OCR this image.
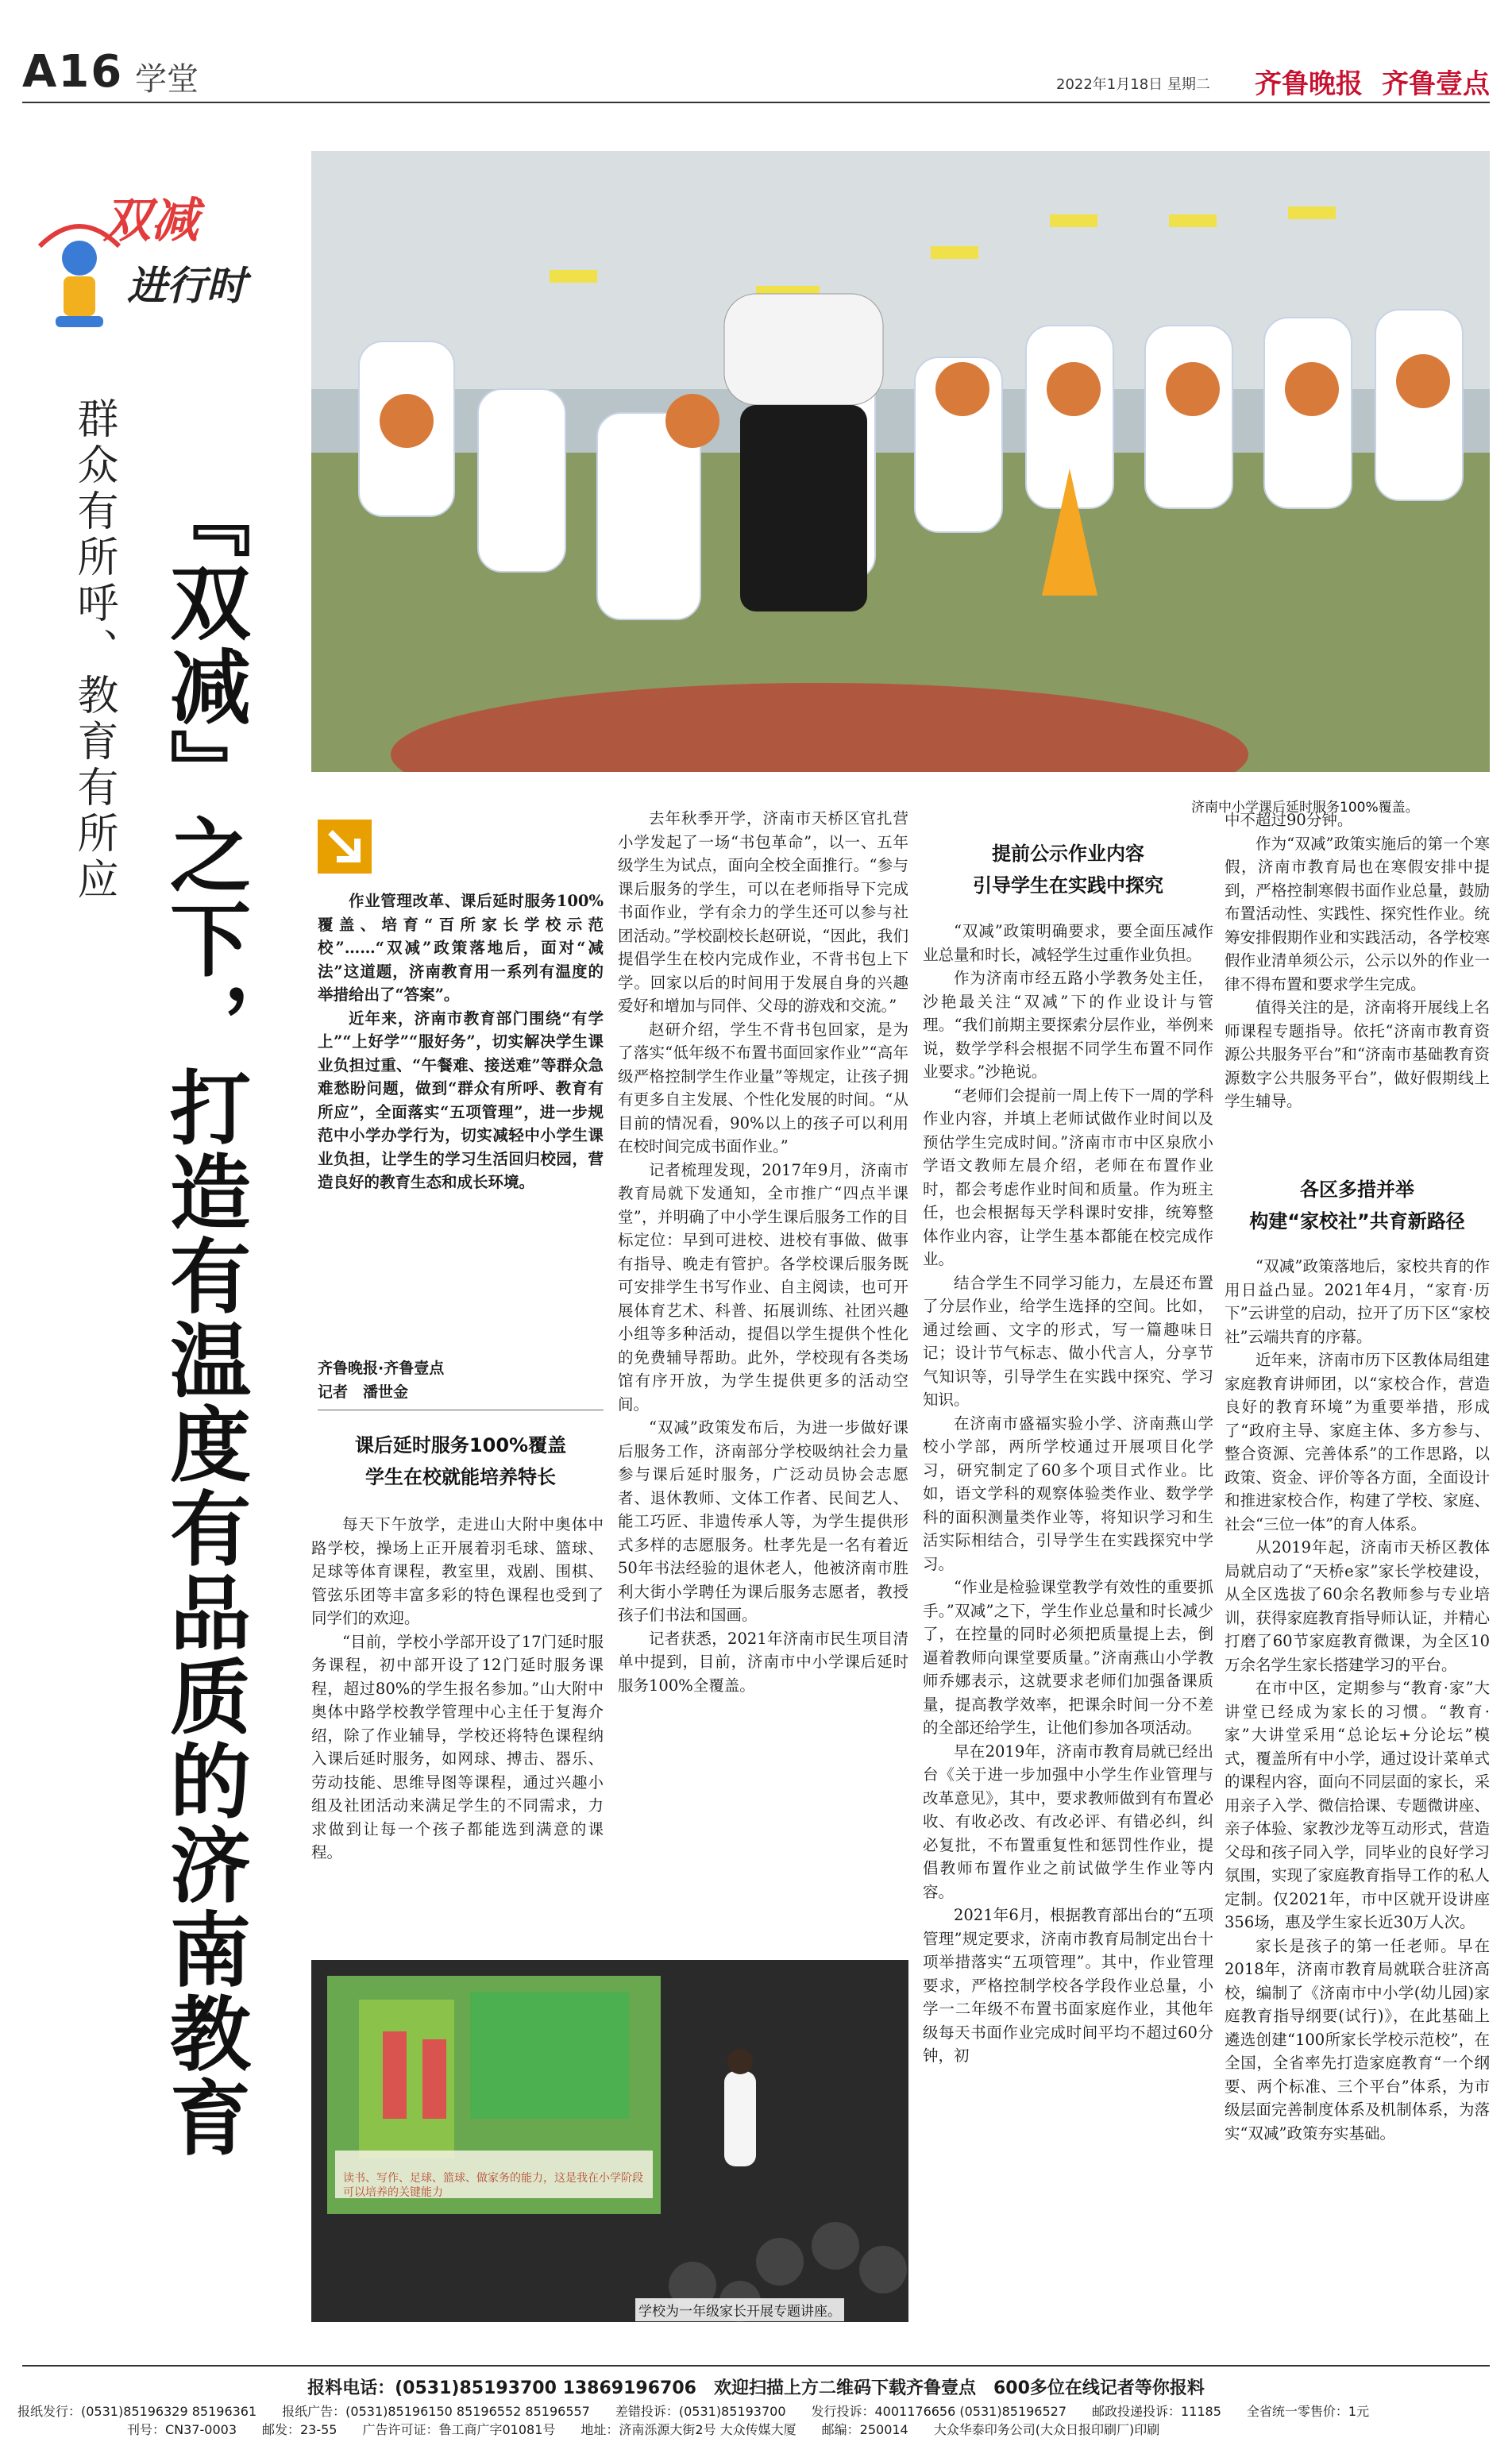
A16 学堂	2022年1月18日 星期二 齐鲁晚报 齐鲁壹点
双减
进行时
群众有所呼、教育有所应 『双减』之下，打造有温度有品质的济南教育	济南中小学课后延时服务100%覆盖。

作业管理改革、课后延时服务100%覆盖、培育“百所家长学校示范校”……“双减”政策落地后，面对“减法”这道题，济南教育用一系列有温度的举措给出了“答案”。

近年来，济南市教育部门围绕“有学上”“上好学”“服好务”，切实解决学生课业负担过重、“午餐难、接送难”等群众急难愁盼问题，做到“群众有所呼、教育有所应”，全面落实“五项管理”，进一步规范中小学办学行为，切实减轻中小学生课业负担，让学生的学习生活回归校园，营造良好的教育生态和成长环境。

齐鲁晚报·齐鲁壹点
记者　潘世金
课后延时服务100%覆盖
学生在校就能培养特长

每天下午放学，走进山大附中奥体中路学校，操场上正开展着羽毛球、篮球、足球等体育课程，教室里，戏剧、围棋、管弦乐团等丰富多彩的特色课程也受到了同学们的欢迎。

“目前，学校小学部开设了17门延时服务课程，初中部开设了12门延时服务课程，超过80%的学生报名参加。”山大附中奥体中路学校教学管理中心主任于复海介绍，除了作业辅导，学校还将特色课程纳入课后延时服务，如网球、搏击、器乐、劳动技能、思维导图等课程，通过兴趣小组及社团活动来满足学生的不同需求，力求做到让每一个孩子都能选到满意的课程。

去年秋季开学，济南市天桥区官扎营小学发起了一场“书包革命”，以一、五年级学生为试点，面向全校全面推行。“参与课后服务的学生，可以在老师指导下完成书面作业，学有余力的学生还可以参与社团活动。”学校副校长赵研说，“因此，我们提倡学生在校内完成作业，不背书包上下学。回家以后的时间用于发展自身的兴趣爱好和增加与同伴、父母的游戏和交流。”

赵研介绍，学生不背书包回家，是为了落实“低年级不布置书面回家作业”“高年级严格控制学生作业量”等规定，让孩子拥有更多自主发展、个性化发展的时间。“从目前的情况看，90%以上的孩子可以利用在校时间完成书面作业。”

记者梳理发现，2017年9月，济南市教育局就下发通知，全市推广“四点半课堂”，并明确了中小学生课后服务工作的目标定位：早到可进校、进校有事做、做事有指导、晚走有管护。各学校课后服务既可安排学生书写作业、自主阅读，也可开展体育艺术、科普、拓展训练、社团兴趣小组等多种活动，提倡以学生提供个性化的免费辅导帮助。此外，学校现有各类场馆有序开放，为学生提供更多的活动空间。

“双减”政策发布后，为进一步做好课后服务工作，济南部分学校吸纳社会力量参与课后延时服务，广泛动员协会志愿者、退休教师、文体工作者、民间艺人、能工巧匠、非遗传承人等，为学生提供形式多样的志愿服务。杜孝先是一名有着近50年书法经验的退休老人，他被济南市胜利大街小学聘任为课后服务志愿者，教授孩子们书法和国画。

记者获悉，2021年济南市民生项目清单中提到，目前，济南市中小学课后延时服务100%全覆盖。

读书、写作、足球、篮球、做家务的能力，这是我在小学阶段可以培养的关键能力
学校为一年级家长开展专题讲座。
提前公示作业内容
引导学生在实践中探究

“双减”政策明确要求，要全面压减作业总量和时长，减轻学生过重作业负担。

作为济南市经五路小学教务处主任，沙艳最关注“双减”下的作业设计与管理。“我们前期主要探索分层作业，举例来说，数学学科会根据不同学生布置不同作业要求。”沙艳说。

“老师们会提前一周上传下一周的学科作业内容，并填上老师试做作业时间以及预估学生完成时间。”济南市市中区泉欣小学语文教师左晨介绍，老师在布置作业时，都会考虑作业时间和质量。作为班主任，也会根据每天学科课时安排，统筹整体作业内容，让学生基本都能在校完成作业。

结合学生不同学习能力，左晨还布置了分层作业，给学生选择的空间。比如，通过绘画、文字的形式，写一篇趣味日记；设计节气标志、做小代言人，分享节气知识等，引导学生在实践中探究、学习知识。

在济南市盛福实验小学、济南燕山学校小学部，两所学校通过开展项目化学习，研究制定了60多个项目式作业。比如，语文学科的观察体验类作业、数学学科的面积测量类作业等，将知识学习和生活实际相结合，引导学生在实践探究中学习。

“作业是检验课堂教学有效性的重要抓手。”双减”之下，学生作业总量和时长减少了，在控量的同时必须把质量提上去，倒逼着教师向课堂要质量。”济南燕山小学教师乔娜表示，这就要求老师们加强备课质量，提高教学效率，把课余时间一分不差的全部还给学生，让他们参加各项活动。

早在2019年，济南市教育局就已经出台《关于进一步加强中小学生作业管理与改革意见》，其中，要求教师做到有布置必收、有收必改、有改必评、有错必纠，纠必复批，不布置重复性和惩罚性作业，提倡教师布置作业之前试做学生作业等内容。

2021年6月，根据教育部出台的“五项管理”规定要求，济南市教育局制定出台十项举措落实“五项管理”。其中，作业管理要求，严格控制学校各学段作业总量，小学一二年级不布置书面家庭作业，其他年级每天书面作业完成时间平均不超过60分钟，初

中不超过90分钟。

作为“双减”政策实施后的第一个寒假，济南市教育局也在寒假安排中提到，严格控制寒假书面作业总量，鼓励布置活动性、实践性、探究性作业。统筹安排假期作业和实践活动，各学校寒假作业清单须公示，公示以外的作业一律不得布置和要求学生完成。

值得关注的是，济南将开展线上名师课程专题指导。依托“济南市教育资源公共服务平台”和“济南市基础教育资源数字公共服务平台”，做好假期线上学生辅导。

各区多措并举
构建“家校社”共育新路径

“双减”政策落地后，家校共育的作用日益凸显。2021年4月，“家育·历下”云讲堂的启动，拉开了历下区“家校社”云端共育的序幕。

近年来，济南市历下区教体局组建家庭教育讲师团，以“家校合作，营造良好的教育环境”为重要举措，形成了“政府主导、家庭主体、多方参与、整合资源、完善体系”的工作思路，以政策、资金、评价等各方面，全面设计和推进家校合作，构建了学校、家庭、社会“三位一体”的育人体系。

从2019年起，济南市天桥区教体局就启动了“天桥e家”家长学校建设，从全区选拔了60余名教师参与专业培训，获得家庭教育指导师认证，并精心打磨了60节家庭教育微课，为全区10万余名学生家长搭建学习的平台。

在市中区，定期参与“教育·家”大讲堂已经成为家长的习惯。“教育·家”大讲堂采用“总论坛+分论坛”模式，覆盖所有中小学，通过设计菜单式的课程内容，面向不同层面的家长，采用亲子入学、微信拾课、专题微讲座、亲子体验、家教沙龙等互动形式，营造父母和孩子同入学，同毕业的良好学习氛围，实现了家庭教育指导工作的私人定制。仅2021年，市中区就开设讲座356场，惠及学生家长近30万人次。

家长是孩子的第一任老师。早在2018年，济南市教育局就联合驻济高校，编制了《济南市中小学(幼儿园)家庭教育指导纲要(试行)》，在此基础上遴选创建“100所家长学校示范校”，在全国，全省率先打造家庭教育“一个纲要、两个标准、三个平台”体系，为市级层面完善制度体系及机制体系，为落实“双减”政策夯实基础。

报料电话：(0531)85193700 13869196706　欢迎扫描上方二维码下载齐鲁壹点　600多位在线记者等你报料
报纸发行：(0531)85196329 85196361　　报纸广告：(0531)85196150 85196552 85196557　　差错投诉：(0531)85193700　　发行投诉：4001176656 (0531)85196527　　邮政投递投诉：11185　　全省统一零售价：1元
刊号：CN37-0003　　邮发：23-55　　广告许可证：鲁工商广字01081号　　地址：济南泺源大街2号 大众传媒大厦　　邮编：250014　　大众华泰印务公司(大众日报印刷厂)印刷
